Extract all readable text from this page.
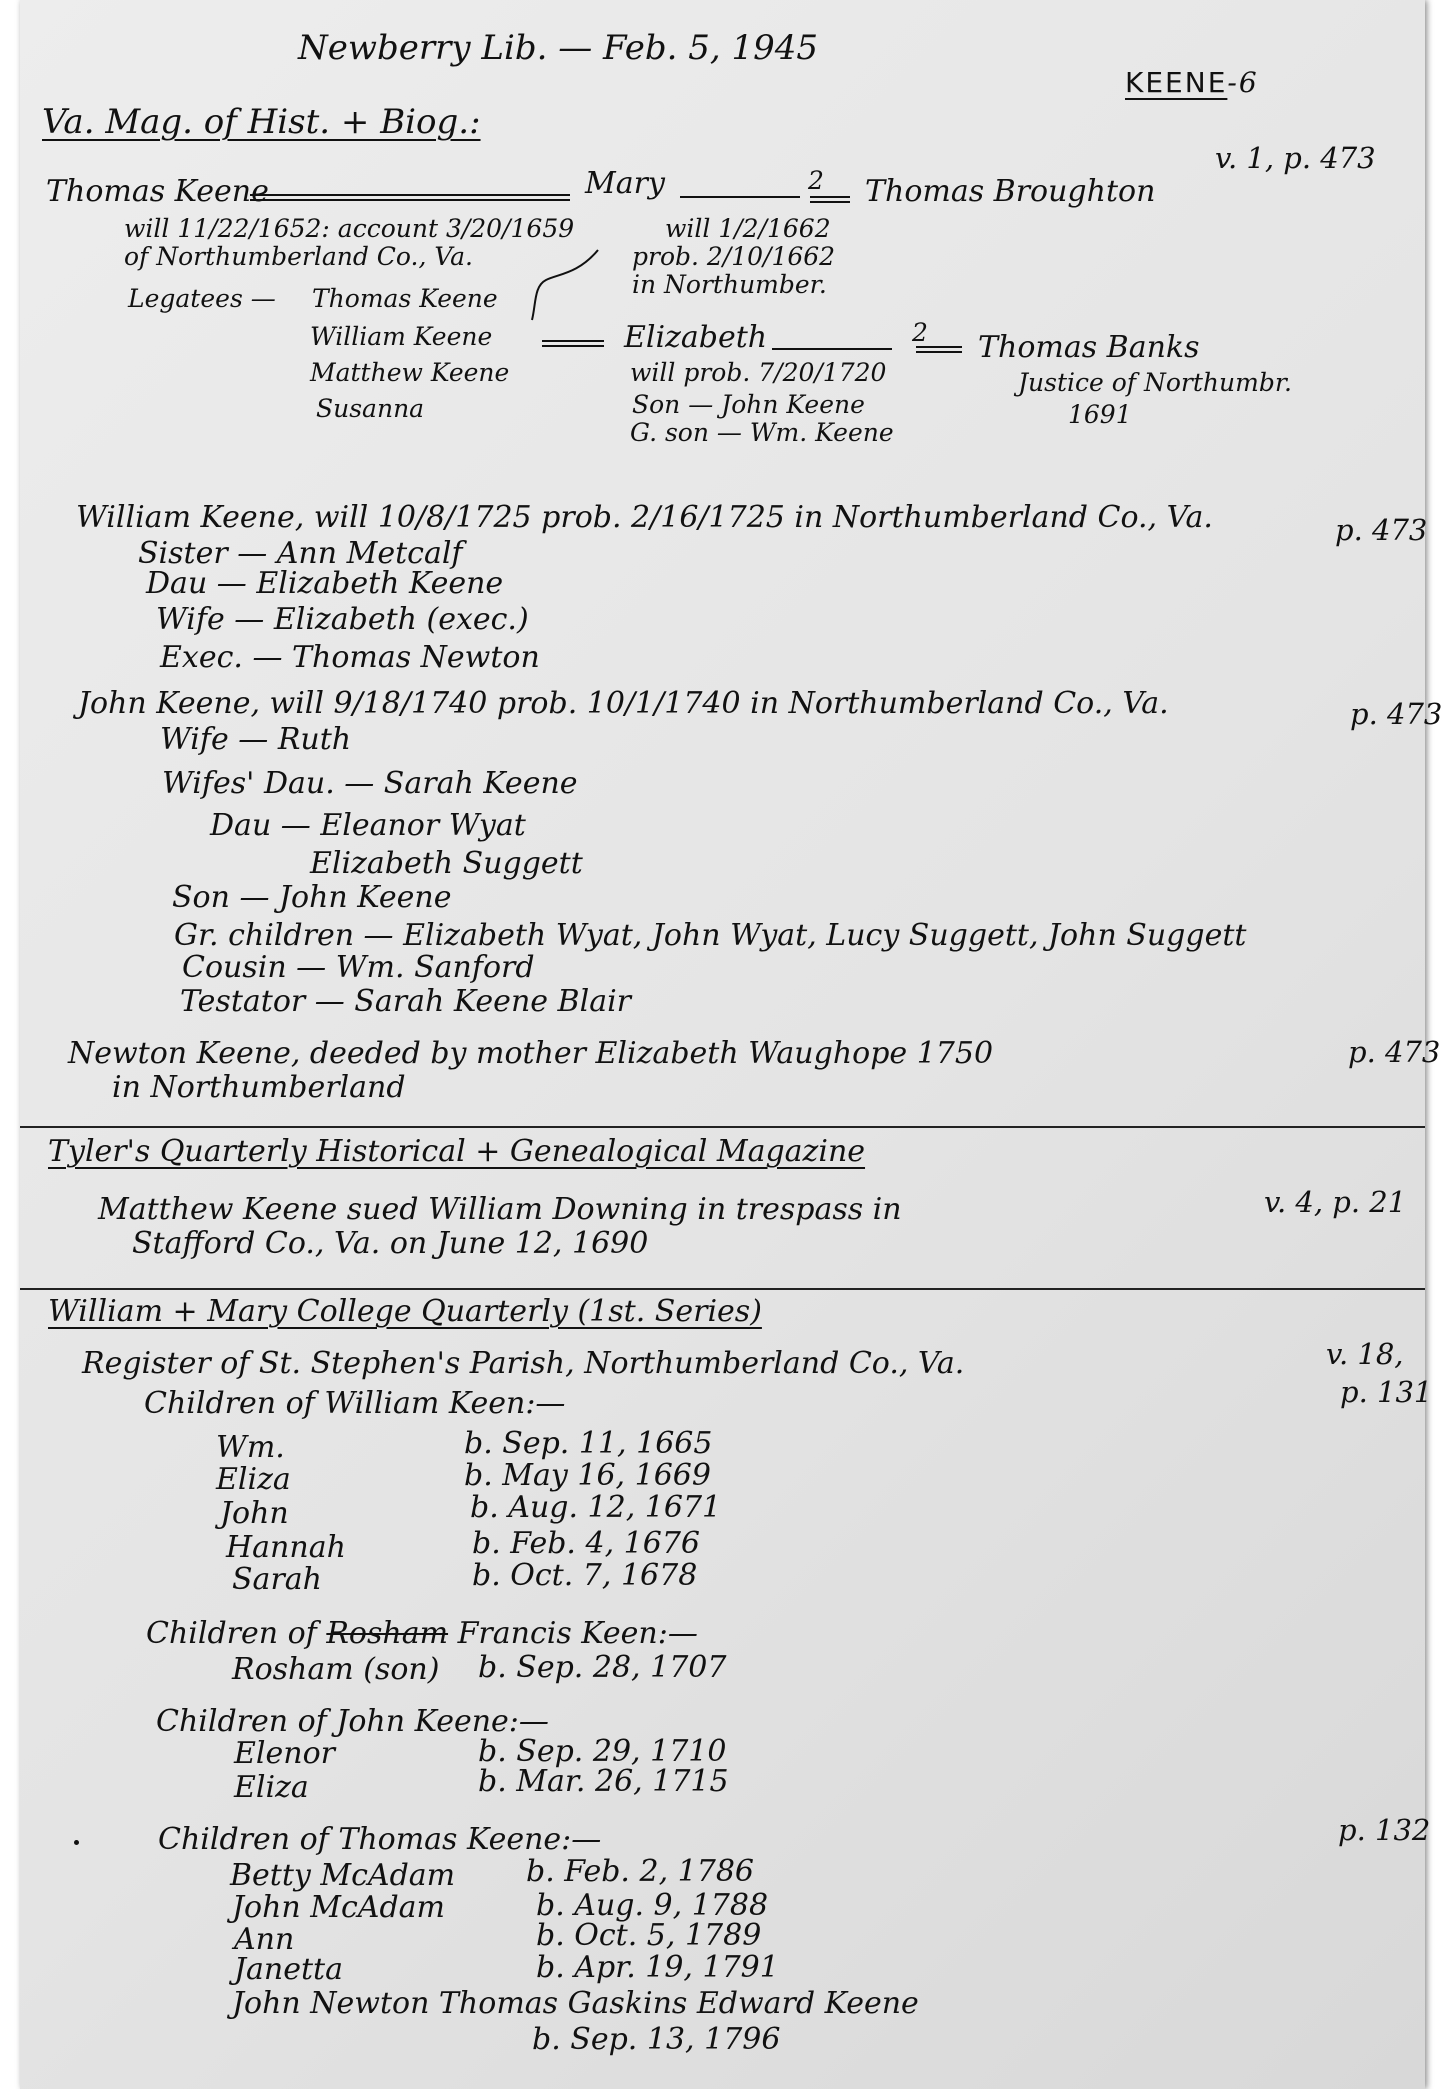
Newberry Lib. — Feb. 5, 1945
KEENE-6
Va. Mag. of Hist. + Biog.:
v. 1, p. 473
Thomas Keene	Mary	2 Thomas Broughton
will 11/22/1652: account 3/20/1659
of Northumberland Co., Va.
Legatees — Thomas Keene
William Keene
Matthew Keene
Susanna
will 1/2/1662
prob. 2/10/1662
in Northumber.
Elizabeth	2 Thomas Banks
will prob. 7/20/1720
Son — John Keene
G. son — Wm. Keene
Justice of Northumbr.
1691
William Keene, will 10/8/1725 prob. 2/16/1725 in Northumberland Co., Va.	p. 473
Sister — Ann Metcalf
Dau — Elizabeth Keene
Wife — Elizabeth (exec.)
Exec. — Thomas Newton
John Keene, will 9/18/1740 prob. 10/1/1740 in Northumberland Co., Va.	p. 473
Wife — Ruth
Wifes' Dau. — Sarah Keene
Dau — Eleanor Wyat
Elizabeth Suggett
Son — John Keene
Gr. children — Elizabeth Wyat, John Wyat, Lucy Suggett, John Suggett
Cousin — Wm. Sanford
Testator — Sarah Keene Blair
Newton Keene, deeded by mother Elizabeth Waughope 1750
in Northumberland
p. 473
Tyler's Quarterly Historical + Genealogical Magazine
Matthew Keene sued William Downing in trespass in
Stafford Co., Va. on June 12, 1690
v. 4, p. 21
William + Mary College Quarterly (1st. Series)
Register of St. Stephen's Parish, Northumberland Co., Va.	v. 18,
p. 131
Children of William Keen:—
Wm.	b. Sep. 11, 1665
Eliza	b. May 16, 1669
John	b. Aug. 12, 1671
Hannah	b. Feb. 4, 1676
Sarah	b. Oct. 7, 1678
Children of Rosham Francis Keen:—
Rosham (son) b. Sep. 28, 1707
Children of John Keene:—
Elenor	b. Sep. 29, 1710
Eliza	b. Mar. 26, 1715
Children of Thomas Keene:—	p. 132
Betty McAdam b. Feb. 2, 1786
John McAdam	b. Aug. 9, 1788
Ann	b. Oct. 5, 1789
Janetta	b. Apr. 19, 1791
John Newton Thomas Gaskins Edward Keene
b. Sep. 13, 1796
